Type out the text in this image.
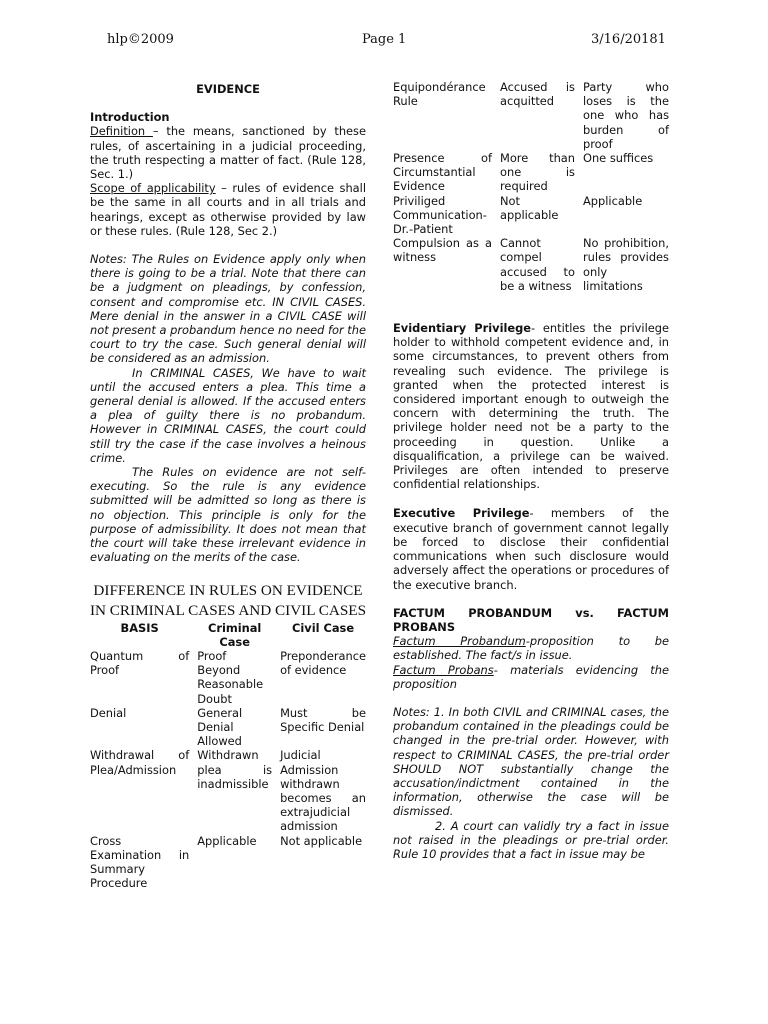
hlp©2009	Page 1	3/16/20181

EVIDENCE

Introduction

Definition – the means, sanctioned by these rules, of ascertaining in a judicial proceeding, the truth respecting a matter of fact. (Rule 128, Sec. 1.)

Scope of applicability – rules of evidence shall be the same in all courts and in all trials and hearings, except as otherwise provided by law or these rules. (Rule 128, Sec 2.)

Notes: The Rules on Evidence apply only when there is going to be a trial. Note that there can be a judgment on pleadings, by confession, consent and compromise etc. IN CIVIL CASES. Mere denial in the answer in a CIVIL CASE will not present a probandum hence no need for the court to try the case. Such general denial will be considered as an admission.

In CRIMINAL CASES, We have to wait until the accused enters a plea. This time a general denial is allowed. If the accused enters a plea of guilty there is no probandum. However in CRIMINAL CASES, the court could still try the case if the case involves a heinous crime.

The Rules on evidence are not self-executing. So the rule is any evidence submitted will be admitted so long as there is no objection. This principle is only for the purpose of admissibility. It does not mean that the court will take these irrelevant evidence in evaluating on the merits of the case.

DIFFERENCE IN RULES ON EVIDENCE IN CRIMINAL CASES AND CIVIL CASES

BASIS	Criminal Case	Civil Case
Quantum of Proof	Proof Beyond Reasonable Doubt	Preponderance of evidence
Denial	General Denial Allowed	Must be Specific Denial
Withdrawal of Plea/Admission	Withdrawn plea is inadmissible	Judicial Admission withdrawn becomes an extrajudicial admission
Cross Examination in Summary Procedure	Applicable	Not applicable
Equipondérance Rule	Accused is acquitted	Party who loses is the one who has burden of proof
Presence of Circumstantial Evidence	More than one is required	One suffices
Priviliged Communication-Dr.-Patient	Not applicable	Applicable
Compulsion as a witness	Cannot compel accused to be a witness	No prohibition, rules provides only limitations

Evidentiary Privilege- entitles the privilege holder to withhold competent evidence and, in some circumstances, to prevent others from revealing such evidence. The privilege is granted when the protected interest is considered important enough to outweigh the concern with determining the truth. The privilege holder need not be a party to the proceeding in question. Unlike a disqualification, a privilege can be waived. Privileges are often intended to preserve confidential relationships.

Executive Privilege- members of the executive branch of government cannot legally be forced to disclose their confidential communications when such disclosure would adversely affect the operations or procedures of the executive branch.

FACTUM PROBANDUM vs. FACTUM PROBANS

Factum Probandum-proposition to be established. The fact/s in issue.

Factum Probans- materials evidencing the proposition

Notes: 1. In both CIVIL and CRIMINAL cases, the probandum contained in the pleadings could be changed in the pre-trial order. However, with respect to CRIMINAL CASES, the pre-trial order SHOULD NOT substantially change the accusation/indictment contained in the information, otherwise the case will be dismissed.

2. A court can validly try a fact in issue not raised in the pleadings or pre-trial order. Rule 10 provides that a fact in issue may be
